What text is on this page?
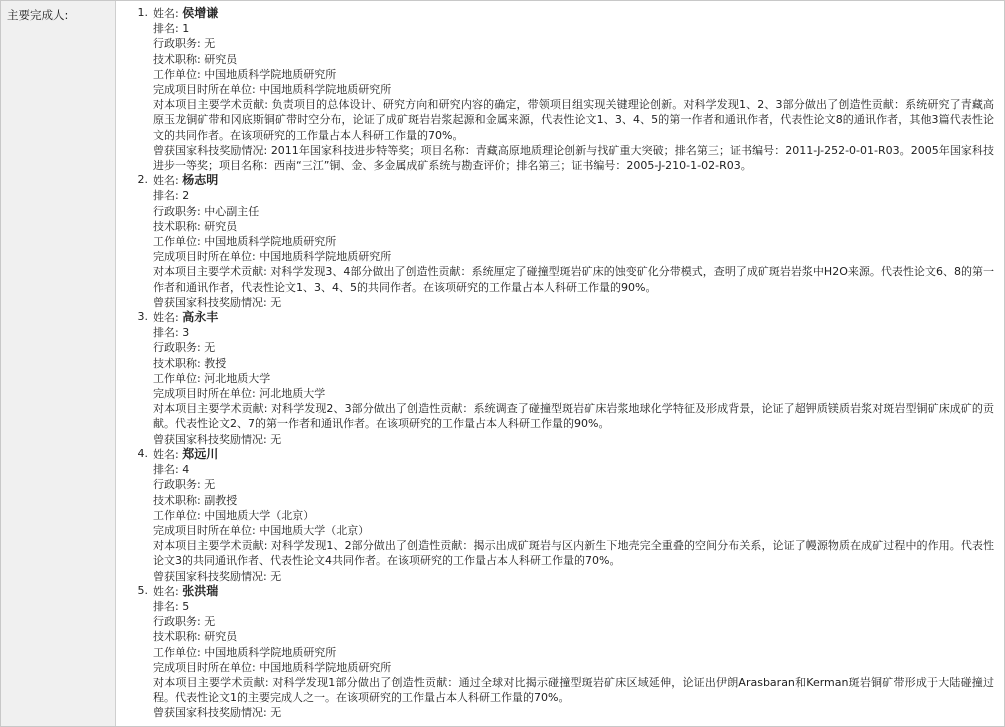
主要完成人:	1. 姓名: 侯增谦
排名: 1
行政职务: 无
技术职称: 研究员
工作单位: 中国地质科学院地质研究所
完成项目时所在单位: 中国地质科学院地质研究所
对本项目主要学术贡献: 负责项目的总体设计、研究方向和研究内容的确定，带领项目组实现关键理论创新。对科学发现1、2、3部分做出了创造性贡献：系统研究了青藏高原玉龙铜矿带和冈底斯铜矿带时空分布，论证了成矿斑岩岩浆起源和金属来源，代表性论文1、3、4、5的第一作者和通讯作者，代表性论文8的通讯作者，其他3篇代表性论文的共同作者。在该项研究的工作量占本人科研工作量的70%。
曾获国家科技奖励情况: 2011年国家科技进步特等奖；项目名称：青藏高原地质理论创新与找矿重大突破；排名第三；证书编号：2011-J-252-0-01-R03。2005年国家科技进步一等奖；项目名称：西南“三江”铜、金、多金属成矿系统与勘查评价；排名第三；证书编号：2005-J-210-1-02-R03。
2. 姓名: 杨志明
排名: 2
行政职务: 中心副主任
技术职称: 研究员
工作单位: 中国地质科学院地质研究所
完成项目时所在单位: 中国地质科学院地质研究所
对本项目主要学术贡献: 对科学发现3、4部分做出了创造性贡献：系统厘定了碰撞型斑岩矿床的蚀变矿化分带模式，查明了成矿斑岩岩浆中H2O来源。代表性论文6、8的第一作者和通讯作者，代表性论文1、3、4、5的共同作者。在该项研究的工作量占本人科研工作量的90%。
曾获国家科技奖励情况: 无
3. 姓名: 高永丰
排名: 3
行政职务: 无
技术职称: 教授
工作单位: 河北地质大学
完成项目时所在单位: 河北地质大学
对本项目主要学术贡献: 对科学发现2、3部分做出了创造性贡献：系统调查了碰撞型斑岩矿床岩浆地球化学特征及形成背景，论证了超钾质镁质岩浆对斑岩型铜矿床成矿的贡献。代表性论文2、7的第一作者和通讯作者。在该项研究的工作量占本人科研工作量的90%。
曾获国家科技奖励情况: 无
4. 姓名: 郑远川
排名: 4
行政职务: 无
技术职称: 副教授
工作单位: 中国地质大学（北京）
完成项目时所在单位: 中国地质大学（北京）
对本项目主要学术贡献: 对科学发现1、2部分做出了创造性贡献：揭示出成矿斑岩与区内新生下地壳完全重叠的空间分布关系，论证了幔源物质在成矿过程中的作用。代表性论文3的共同通讯作者、代表性论文4共同作者。在该项研究的工作量占本人科研工作量的70%。
曾获国家科技奖励情况: 无
5. 姓名: 张洪瑞
排名: 5
行政职务: 无
技术职称: 研究员
工作单位: 中国地质科学院地质研究所
完成项目时所在单位: 中国地质科学院地质研究所
对本项目主要学术贡献: 对科学发现1部分做出了创造性贡献：通过全球对比揭示碰撞型斑岩矿床区域延伸，论证出伊朗Arasbaran和Kerman斑岩铜矿带形成于大陆碰撞过程。代表性论文1的主要完成人之一。在该项研究的工作量占本人科研工作量的70%。
曾获国家科技奖励情况: 无
